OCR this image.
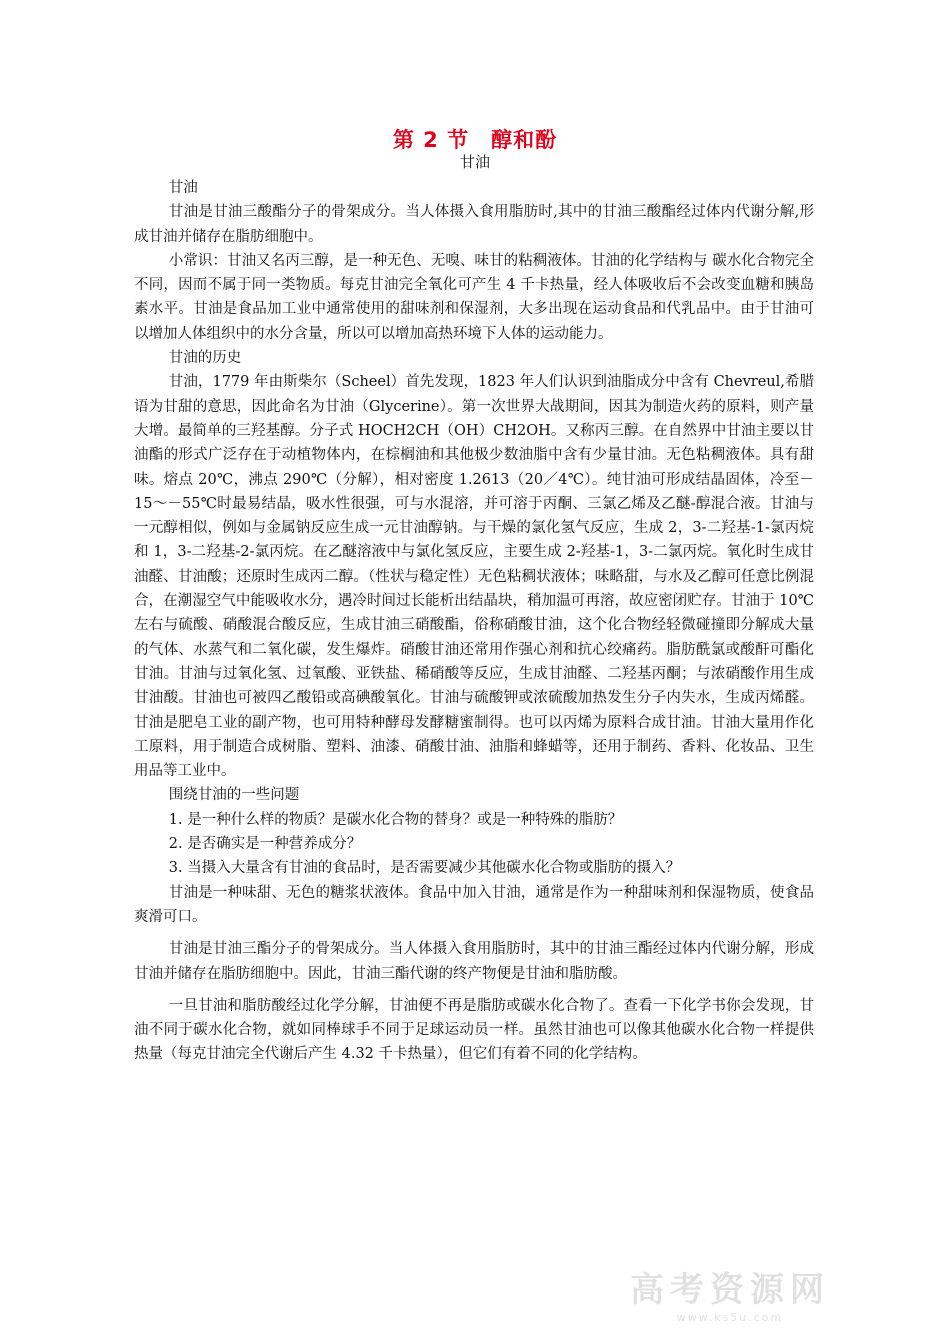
第 2 节　醇和酚
甘油

甘油

甘油是甘油三酸酯分子的骨架成分。当人体摄入食用脂肪时,其中的甘油三酸酯经过体内代谢分解,形成甘油并储存在脂肪细胞中。

小常识：甘油又名丙三醇，是一种无色、无嗅、味甘的粘稠液体。甘油的化学结构与 碳水化合物完全不同，因而不属于同一类物质。每克甘油完全氧化可产生 4 千卡热量，经人体吸收后不会改变血糖和胰岛素水平。甘油是食品加工业中通常使用的甜味剂和保湿剂，大多出现在运动食品和代乳品中。由于甘油可以增加人体组织中的水分含量，所以可以增加高热环境下人体的运动能力。

甘油的历史

甘油，1779 年由斯柴尔（Scheel）首先发现，1823 年人们认识到油脂成分中含有 Chevreul,希腊语为甘甜的意思，因此命名为甘油（Glycerine）。第一次世界大战期间，因其为制造火药的原料，则产量大增。最简单的三羟基醇。分子式 HOCH2CH（OH）CH2OH。又称丙三醇。在自然界中甘油主要以甘油酯的形式广泛存在于动植物体内，在棕榈油和其他极少数油脂中含有少量甘油。无色粘稠液体。具有甜味。熔点 20℃，沸点 290℃（分解），相对密度 1.2613（20／4℃）。纯甘油可形成结晶固体，冷至－15～－55℃时最易结晶，吸水性很强，可与水混溶，并可溶于丙酮、三氯乙烯及乙醚-醇混合液。甘油与一元醇相似，例如与金属钠反应生成一元甘油醇钠。与干燥的氯化氢气反应，生成 2，3-二羟基-1-氯丙烷和 1，3-二羟基-2-氯丙烷。在乙醚溶液中与氯化氢反应，主要生成 2-羟基-1，3-二氯丙烷。氧化时生成甘油醛、甘油酸；还原时生成丙二醇。（性状与稳定性）无色粘稠状液体；味略甜，与水及乙醇可任意比例混合，在潮湿空气中能吸收水分，遇冷时间过长能析出结晶块，稍加温可再溶，故应密闭贮存。甘油于 10℃左右与硫酸、硝酸混合酸反应，生成甘油三硝酸酯，俗称硝酸甘油，这个化合物经轻微碰撞即分解成大量的气体、水蒸气和二氧化碳，发生爆炸。硝酸甘油还常用作强心剂和抗心绞痛药。脂肪酰氯或酸酐可酯化甘油。甘油与过氧化氢、过氧酸、亚铁盐、稀硝酸等反应，生成甘油醛、二羟基丙酮；与浓硝酸作用生成甘油酸。甘油也可被四乙酸铅或高碘酸氧化。甘油与硫酸钾或浓硫酸加热发生分子内失水，生成丙烯醛。甘油是肥皂工业的副产物，也可用特种酵母发酵糖蜜制得。也可以丙烯为原料合成甘油。甘油大量用作化工原料，用于制造合成树脂、塑料、油漆、硝酸甘油、油脂和蜂蜡等，还用于制药、香料、化妆品、卫生用品等工业中。

围绕甘油的一些问题

1. 是一种什么样的物质？是碳水化合物的替身？或是一种特殊的脂肪？

2. 是否确实是一种营养成分？

3. 当摄入大量含有甘油的食品时，是否需要减少其他碳水化合物或脂肪的摄入？

甘油是一种味甜、无色的糖浆状液体。食品中加入甘油，通常是作为一种甜味剂和保湿物质，使食品爽滑可口。

甘油是甘油三酯分子的骨架成分。当人体摄入食用脂肪时，其中的甘油三酯经过体内代谢分解，形成甘油并储存在脂肪细胞中。因此，甘油三酯代谢的终产物便是甘油和脂肪酸。

一旦甘油和脂肪酸经过化学分解，甘油便不再是脂肪或碳水化合物了。查看一下化学书你会发现，甘油不同于碳水化合物，就如同棒球手不同于足球运动员一样。虽然甘油也可以像其他碳水化合物一样提供热量（每克甘油完全代谢后产生 4.32 千卡热量），但它们有着不同的化学结构。

高考资源网
www.ks5u.com
